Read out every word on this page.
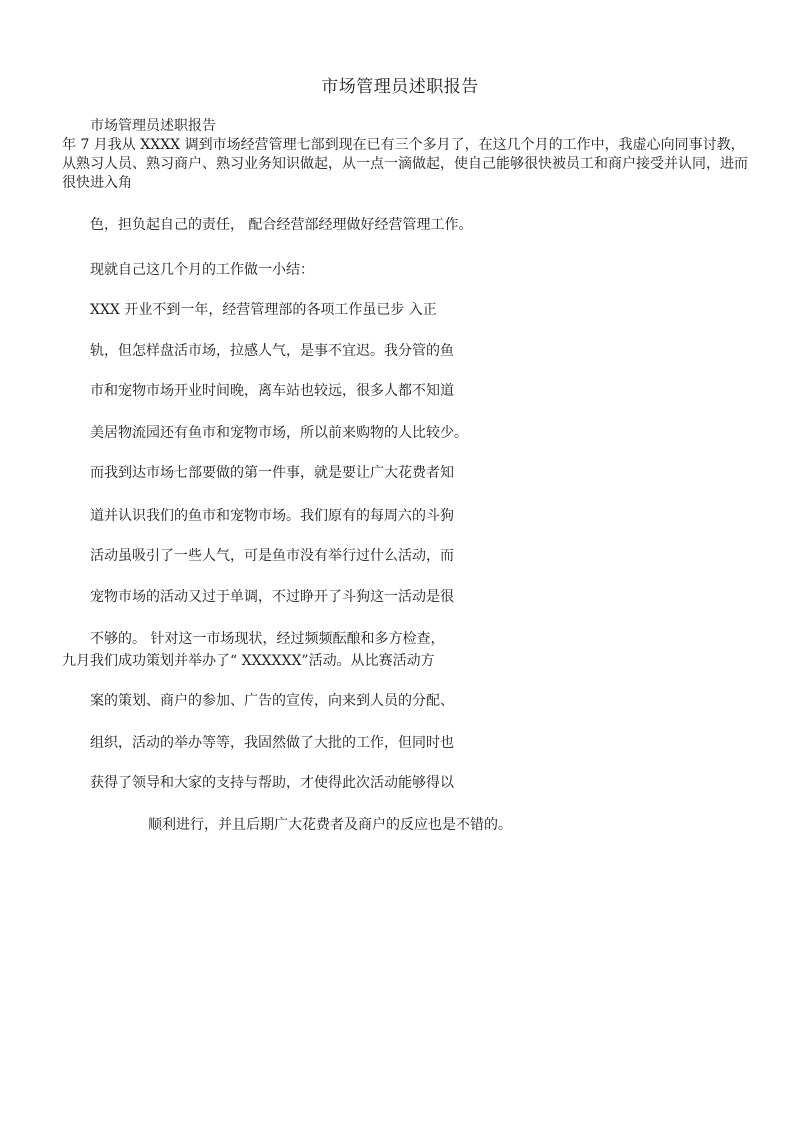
市场管理员述职报告
市场管理员述职报告
年 7 月我从 XXXX 调到市场经营管理七部到现在已有三个多月了，在这几个月的工作中，我虚心向同事讨教，从熟习人员、熟习商户、熟习业务知识做起，从一点一滴做起，使自己能够很快被员工和商户接受并认同，进而很快进入角
色，担负起自己的责任， 配合经营部经理做好经营管理工作。
现就自己这几个月的工作做一小结：
XXX 开业不到一年，经营管理部的各项工作虽已步 入正
轨，但怎样盘活市场，拉感人气，是事不宜迟。我分管的鱼
市和宠物市场开业时间晚，离车站也较远，很多人都不知道
美居物流园还有鱼市和宠物市场，所以前来购物的人比较少。
而我到达市场七部要做的第一件事，就是要让广大花费者知
道并认识我们的鱼市和宠物市场。我们原有的每周六的斗狗
活动虽吸引了一些人气，可是鱼市没有举行过什么活动，而
宠物市场的活动又过于单调，不过睁开了斗狗这一活动是很
不够的。 针对这一市场现状，经过频频酝酿和多方检查，
九月我们成功策划并举办了“ XXXXXX”活动。从比赛活动方
案的策划、商户的参加、广告的宣传，向来到人员的分配、
组织，活动的举办等等，我固然做了大批的工作，但同时也
获得了领导和大家的支持与帮助，才使得此次活动能够得以
顺利进行，并且后期广大花费者及商户的反应也是不错的。
